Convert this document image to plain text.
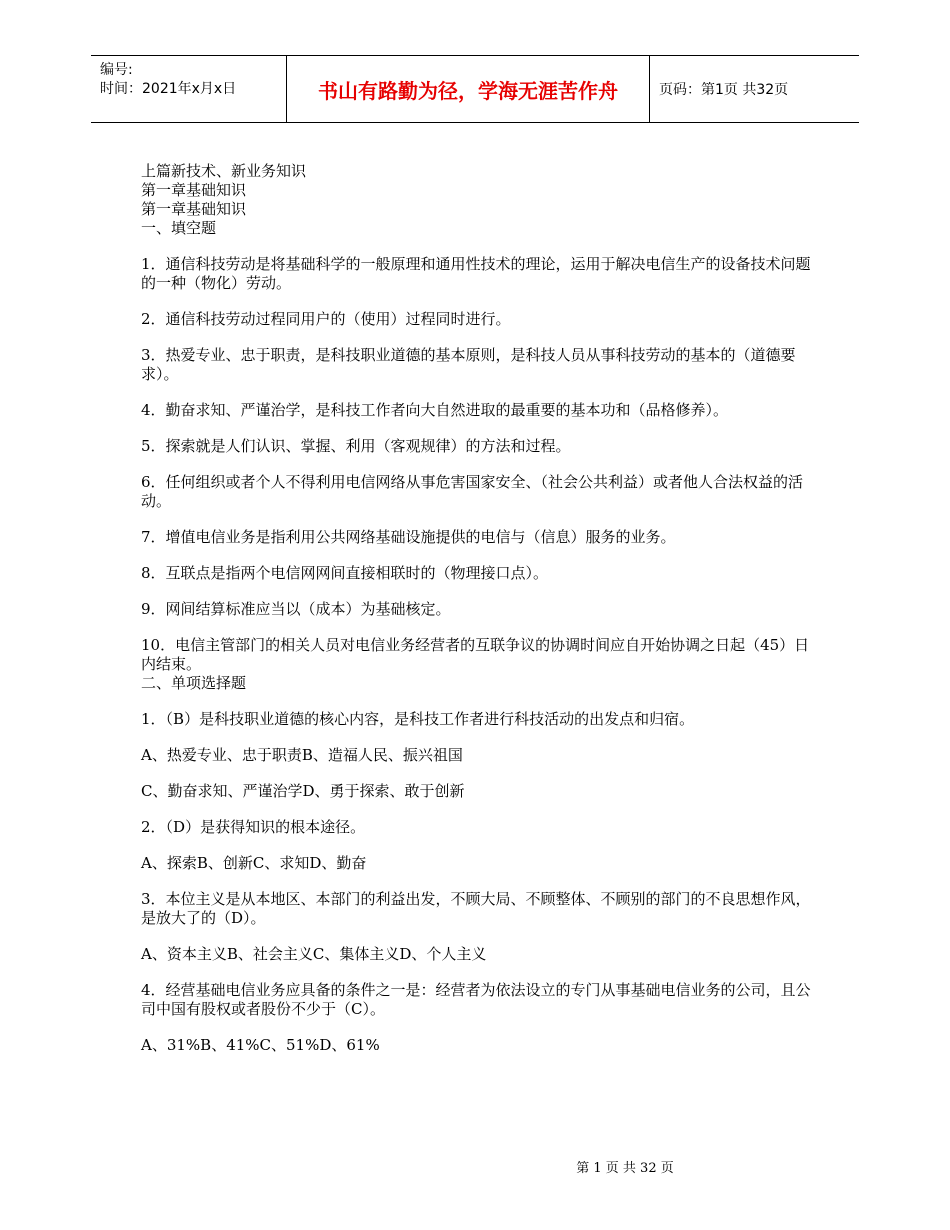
编号:
时间：2021年x月x日	书山有路勤为径，学海无涯苦作舟	页码：第1页 共32页

上篇新技术、新业务知识

第一章基础知识

第一章基础知识

一、填空题

1．通信科技劳动是将基础科学的一般原理和通用性技术的理论，运用于解决电信生产的设备技术问题的一种（物化）劳动。

2．通信科技劳动过程同用户的（使用）过程同时进行。

3．热爱专业、忠于职责，是科技职业道德的基本原则，是科技人员从事科技劳动的基本的（道德要求）。

4．勤奋求知、严谨治学，是科技工作者向大自然进取的最重要的基本功和（品格修养）。

5．探索就是人们认识、掌握、利用（客观规律）的方法和过程。

6．任何组织或者个人不得利用电信网络从事危害国家安全、（社会公共利益）或者他人合法权益的活动。

7．增值电信业务是指利用公共网络基础设施提供的电信与（信息）服务的业务。

8．互联点是指两个电信网网间直接相联时的（物理接口点）。

9．网间结算标准应当以（成本）为基础核定。

10．电信主管部门的相关人员对电信业务经营者的互联争议的协调时间应自开始协调之日起（45）日内结束。

二、单项选择题

1．（B）是科技职业道德的核心内容，是科技工作者进行科技活动的出发点和归宿。

A、热爱专业、忠于职责B、造福人民、振兴祖国

C、勤奋求知、严谨治学D、勇于探索、敢于创新

2．（D）是获得知识的根本途径。

A、探索B、创新C、求知D、勤奋

3．本位主义是从本地区、本部门的利益出发，不顾大局、不顾整体、不顾别的部门的不良思想作风，是放大了的（D）。

A、资本主义B、社会主义C、集体主义D、个人主义

4．经营基础电信业务应具备的条件之一是：经营者为依法设立的专门从事基础电信业务的公司，且公司中国有股权或者股份不少于（C）。

A、31%B、41%C、51%D、61%

第 1 页 共 32 页
